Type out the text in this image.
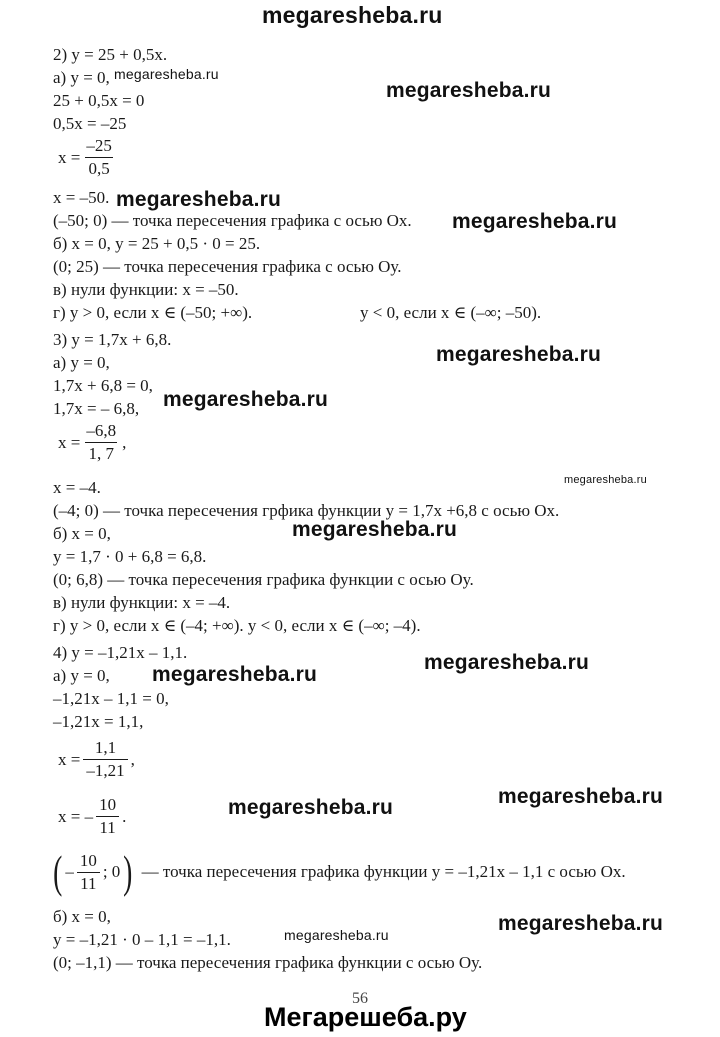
megaresheba.ru
2) y = 25 + 0,5x.
а) y = 0, megaresheba.ru
25 + 0,5x = 0	megaresheba.ru
0,5x = –25
$x = \frac{-25}{0,5}$
x = –50. megaresheba.ru
(–50; 0) — точка пересечения графика с осью Ох. megaresheba.ru
б) x = 0, y = 25 + 0,5 · 0 = 25.
(0; 25) — точка пересечения графика с осью Оу.
в) нули функции: x = –50.
г) y > 0, если x ∈ (–50; +∞).	y < 0, если x ∈ (–∞; –50).
3) y = 1,7x + 6,8.
megaresheba.ru
а) y = 0,
1,7x + 6,8 = 0,
1,7x = – 6,8, megaresheba.ru
$x = \frac{-6,8}{1, 7}$ ,
megaresheba.ru
x = –4.
(–4; 0) — точка пересечения грфика функции y = 1,7x +6,8 с осью Ох.
б) x = 0,	megaresheba.ru
y = 1,7 · 0 + 6,8 = 6,8.
(0; 6,8) — точка пересечения графика функции с осью Оу.
в) нули функции: x = –4.
г) y > 0, если x ∈ (–4; +∞). y < 0, если x ∈ (–∞; –4).
4) y = –1,21x – 1,1.	megaresheba.ru
а) y = 0, megaresheba.ru
–1,21x – 1,1 = 0,
–1,21x = 1,1,
$x = \frac{1,1}{-1,21}$ ,
x = – $\frac{10}{11}$ .	megaresheba.ru	megaresheba.ru
( – $\frac{10}{11}$ ; 0 ) — точка пересечения графика функции y = –1,21x – 1,1 с осью Ох.
б) x = 0,	megaresheba.ru
y = –1,21 · 0 – 1,1 = –1,1.	megaresheba.ru
(0; –1,1) — точка пересечения графика функции с осью Оу.
56
Мегарешеба.ру
